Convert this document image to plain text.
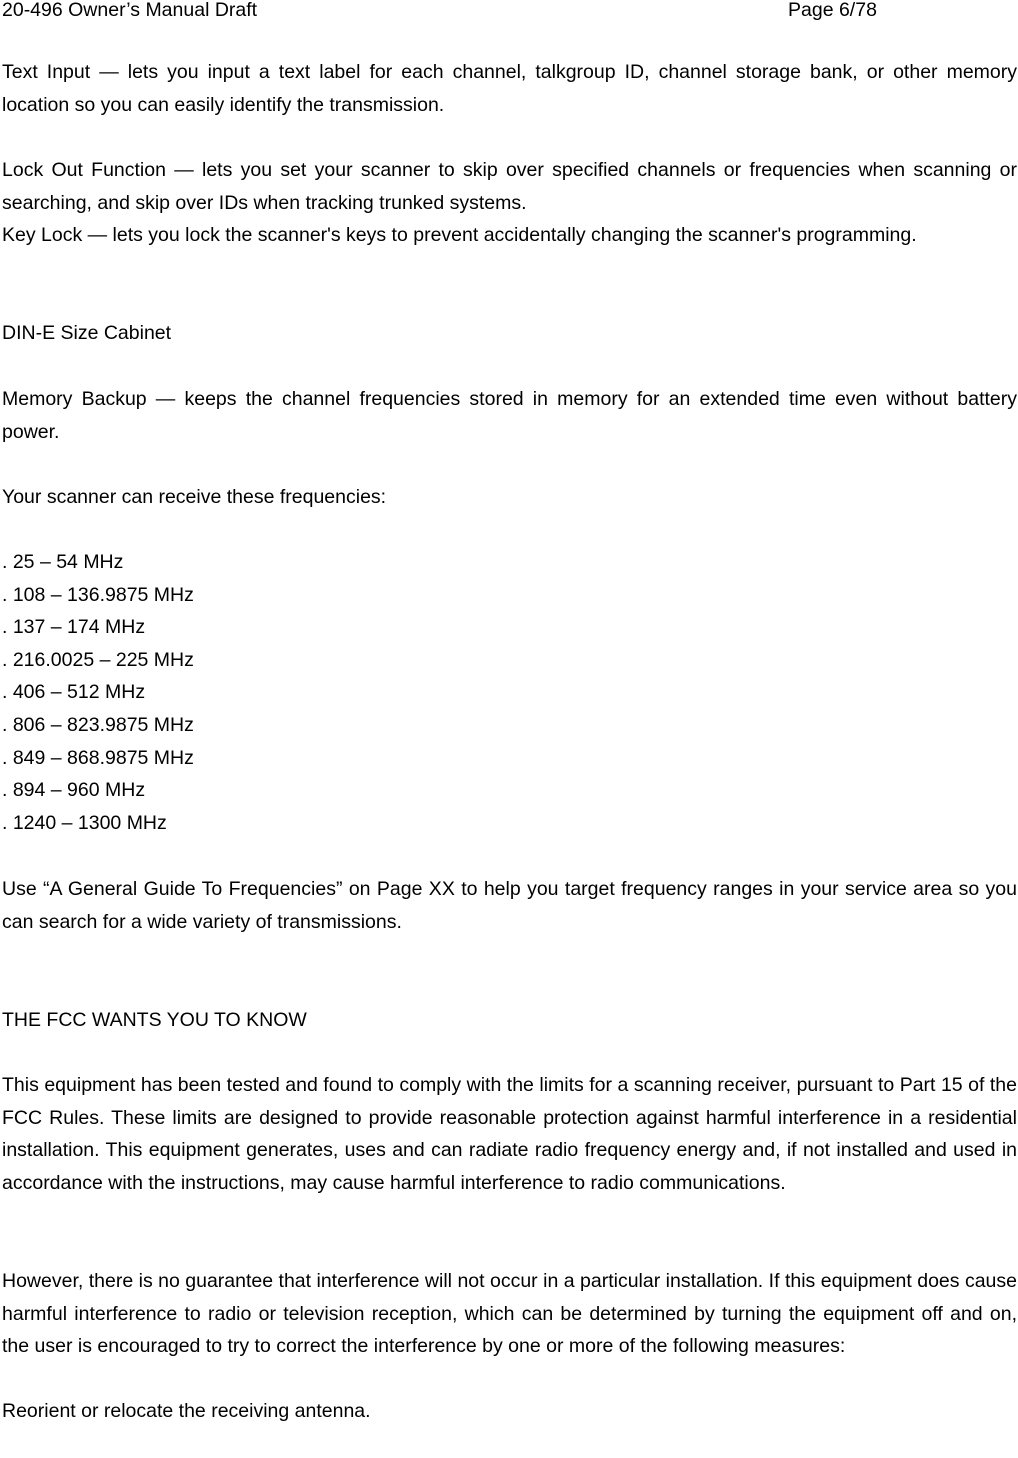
20-496 Owner’s Manual Draft	Page 6/78

Text Input — lets you input a text label for each channel, talkgroup ID, channel storage bank, or other memory location so you can easily identify the transmission.

Lock Out Function — lets you set your scanner to skip over specified channels or frequencies when scanning or searching, and skip over IDs when tracking trunked systems.

Key Lock — lets you lock the scanner's keys to prevent accidentally changing the scanner's programming.

DIN-E Size Cabinet

Memory Backup — keeps the channel frequencies stored in memory for an extended time even without battery power.

Your scanner can receive these frequencies:

. 25 – 54 MHz
. 108 – 136.9875 MHz
. 137 – 174 MHz
. 216.0025 – 225 MHz
. 406 – 512 MHz
. 806 – 823.9875 MHz
. 849 – 868.9875 MHz
. 894 – 960 MHz
. 1240 – 1300 MHz

Use “A General Guide To Frequencies” on Page XX to help you target frequency ranges in your service area so you can search for a wide variety of transmissions.

THE FCC WANTS YOU TO KNOW

This equipment has been tested and found to comply with the limits for a scanning receiver, pursuant to Part 15 of the FCC Rules. These limits are designed to provide reasonable protection against harmful interference in a residential installation. This equipment generates, uses and can radiate radio frequency energy and, if not installed and used in accordance with the instructions, may cause harmful interference to radio communications.

However, there is no guarantee that interference will not occur in a particular installation. If this equipment does cause harmful interference to radio or television reception, which can be determined by turning the equipment off and on, the user is encouraged to try to correct the interference by one or more of the following measures:

Reorient or relocate the receiving antenna.
